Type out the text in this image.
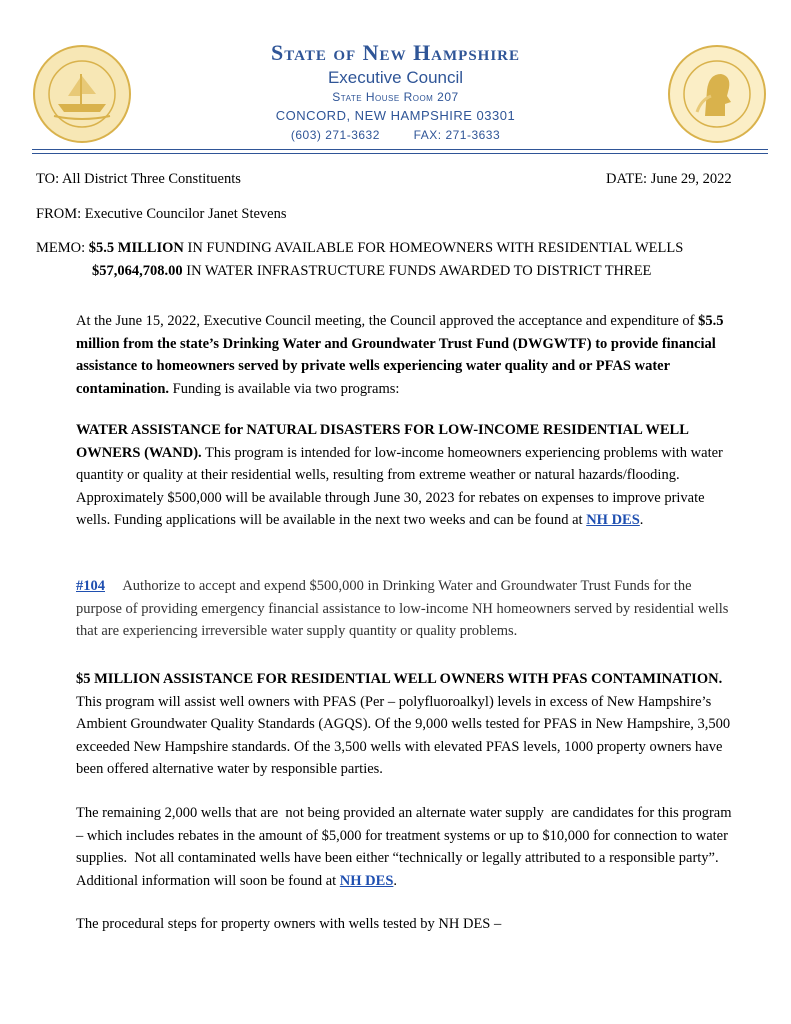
State of New Hampshire
Executive Council
State House Room 207
CONCORD, NEW HAMPSHIRE 03301
(603) 271-3632	FAX: 271-3633
TO: All District Three Constituents	DATE: June 29, 2022
FROM: Executive Councilor Janet Stevens
MEMO: $5.5 MILLION IN FUNDING AVAILABLE FOR HOMEOWNERS WITH RESIDENTIAL WELLS
$57,064,708.00 IN WATER INFRASTRUCTURE FUNDS AWARDED TO DISTRICT THREE
At the June 15, 2022, Executive Council meeting, the Council approved the acceptance and expenditure of $5.5 million from the state’s Drinking Water and Groundwater Trust Fund (DWGWTF) to provide financial assistance to homeowners served by private wells experiencing water quality and or PFAS water contamination. Funding is available via two programs:
WATER ASSISTANCE for NATURAL DISASTERS FOR LOW-INCOME RESIDENTIAL WELL OWNERS (WAND). This program is intended for low-income homeowners experiencing problems with water quantity or quality at their residential wells, resulting from extreme weather or natural hazards/flooding. Approximately $500,000 will be available through June 30, 2023 for rebates on expenses to improve private wells. Funding applications will be available in the next two weeks and can be found at NH DES.
#104     Authorize to accept and expend $500,000 in Drinking Water and Groundwater Trust Funds for the purpose of providing emergency financial assistance to low-income NH homeowners served by residential wells that are experiencing irreversible water supply quantity or quality problems.
$5 MILLION ASSISTANCE FOR RESIDENTIAL WELL OWNERS WITH PFAS CONTAMINATION. This program will assist well owners with PFAS (Per – polyfluoroalkyl) levels in excess of New Hampshire’s Ambient Groundwater Quality Standards (AGQS). Of the 9,000 wells tested for PFAS in New Hampshire, 3,500 exceeded New Hampshire standards. Of the 3,500 wells with elevated PFAS levels, 1000 property owners have been offered alternative water by responsible parties.
The remaining 2,000 wells that are  not being provided an alternate water supply  are candidates for this program – which includes rebates in the amount of $5,000 for treatment systems or up to $10,000 for connection to water supplies.  Not all contaminated wells have been either “technically or legally attributed to a responsible party”.  Additional information will soon be found at NH DES.
The procedural steps for property owners with wells tested by NH DES –
